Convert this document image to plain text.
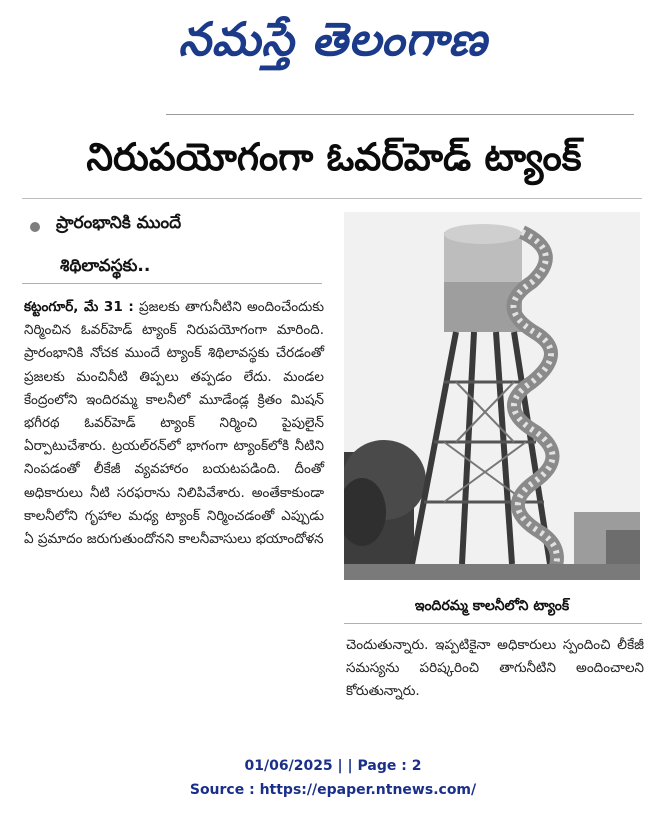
నమస్తే తెలంగాణ
నిరుపయోగంగా ఓవర్‌హెడ్‌ ట్యాంక్‌
ప్రారంభానికి ముందే
శిథిలావస్థకు..
కట్టంగూర్‌, మే 31 : ప్రజలకు తాగునీటిని అందించేందుకు నిర్మించిన ఓవర్‌హెడ్‌ ట్యాంక్‌ నిరుపయోగంగా మారింది. ప్రారంభానికి నోచక ముందే ట్యాంక్‌ శిథిలావస్థకు చేరడంతో ప్రజలకు మంచినీటి తిప్పలు తప్పడం లేదు. మండల కేంద్రంలోని ఇందిరమ్మ కాలనీలో మూడేండ్ల క్రితం మిషన్‌ భగీరథ ఓవర్‌హెడ్‌ ట్యాంక్‌ నిర్మించి పైపులైన్‌ ఏర్పాటుచేశారు. ట్రయల్‌రన్‌లో భాగంగా ట్యాంక్‌లోకి నీటిని నింపడంతో లీకేజీ వ్యవహారం బయటపడింది. దీంతో అధికారులు నీటి సరఫరాను నిలిపివేశారు. అంతేకాకుండా కాలనీలోని గృహాల మధ్య ట్యాంక్‌ నిర్మించడంతో ఎప్పుడు ఏ ప్రమాదం జరుగుతుందోనని కాలనీవాసులు భయాందోళన
ఇందిరమ్మ కాలనీలోని ట్యాంక్‌
చెందుతున్నారు. ఇప్పటికైనా అధికారులు స్పందించి లీకేజీ సమస్యను పరిష్కరించి తాగునీటిని అందించాలని కోరుతున్నారు.
01/06/2025 | | Page : 2
Source : https://epaper.ntnews.com/
